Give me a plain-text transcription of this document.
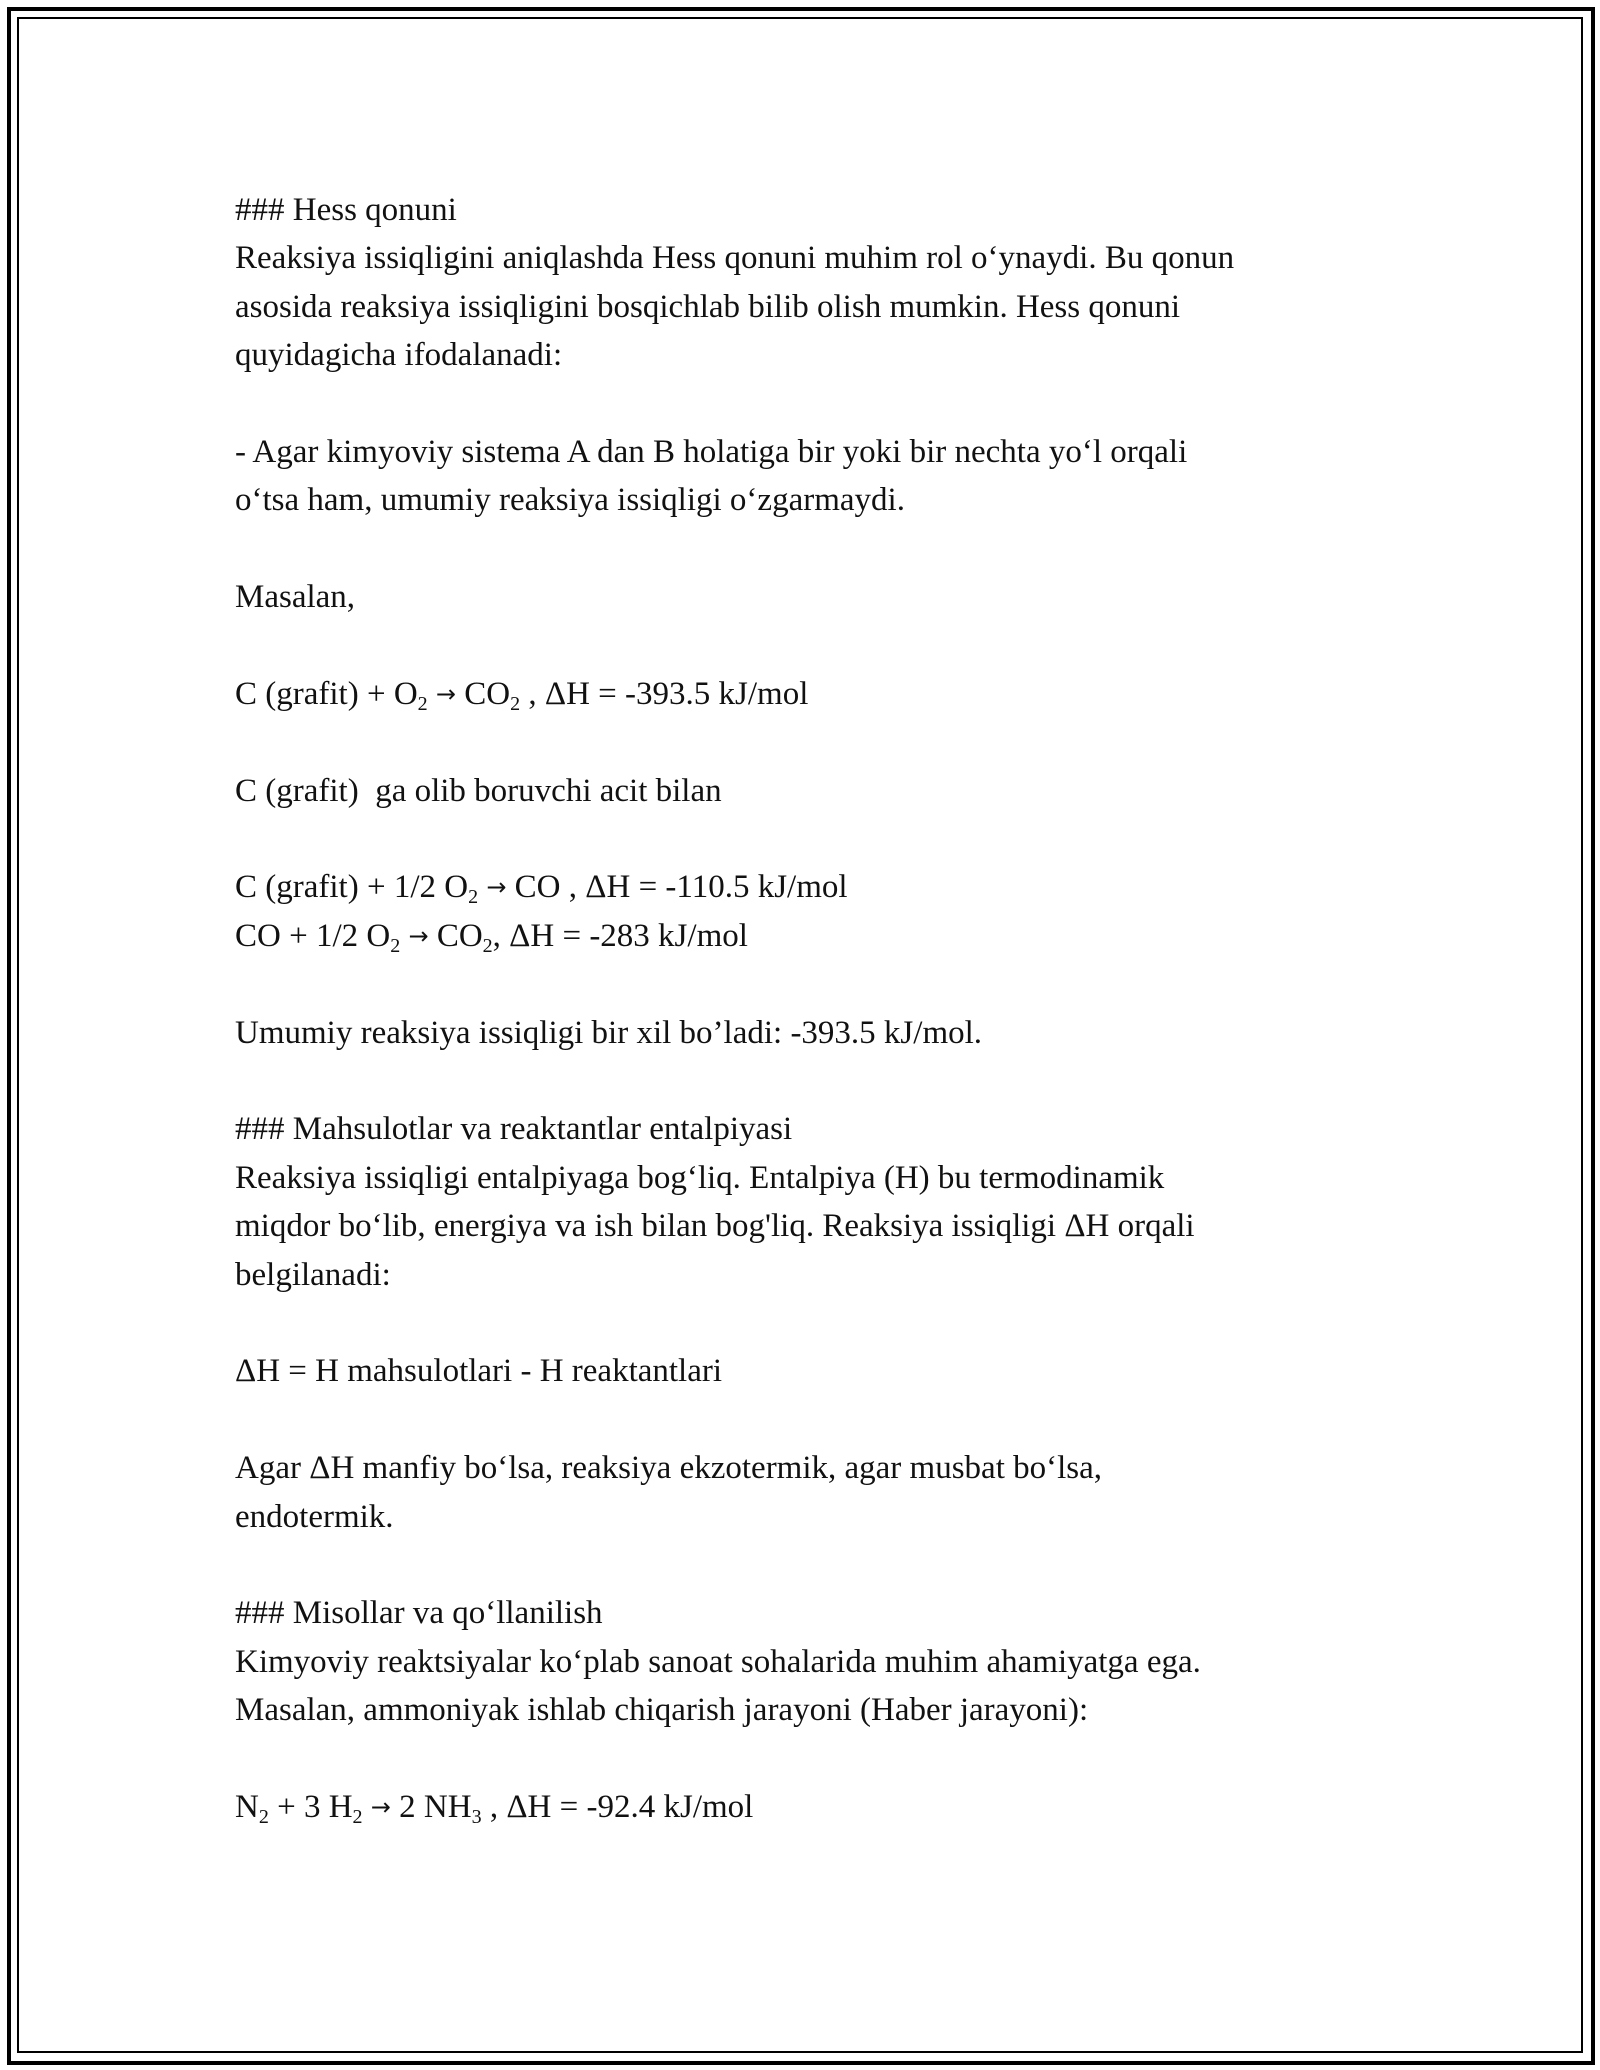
### Hess qonuni
Reaksiya issiqligini aniqlashda Hess qonuni muhim rol o‘ynaydi. Bu qonun
asosida reaksiya issiqligini bosqichlab bilib olish mumkin. Hess qonuni
quyidagicha ifodalanadi:
- Agar kimyoviy sistema A dan B holatiga bir yoki bir nechta yo‘l orqali
o‘tsa ham, umumiy reaksiya issiqligi o‘zgarmaydi.
Masalan,
C (grafit) + $O_2 \to CO_2$ , ΔH = -393.5 kJ/mol
C (grafit)  ga olib boruvchi acit bilan
C (grafit) + 1/2 $O_2$ → CO , ΔH = -110.5 kJ/mol
CO + 1/2 $O_2 \to CO_2$, ΔH = -283 kJ/mol
Umumiy reaksiya issiqligi bir xil bo’ladi: -393.5 kJ/mol.
### Mahsulotlar va reaktantlar entalpiyasi
Reaksiya issiqligi entalpiyaga bog‘liq. Entalpiya (H) bu termodinamik
miqdor bo‘lib, energiya va ish bilan bog'liq. Reaksiya issiqligi ΔH orqali
belgilanadi:
ΔH = H mahsulotlari - H reaktantlari
Agar ΔH manfiy bo‘lsa, reaksiya ekzotermik, agar musbat bo‘lsa,
endotermik.
### Misollar va qo‘llanilish
Kimyoviy reaktsiyalar ko‘plab sanoat sohalarida muhim ahamiyatga ega.
Masalan, ammoniyak ishlab chiqarish jarayoni (Haber jarayoni):
$N_2 + 3$ $H_2 \to 2$ $NH_3$ , ΔH = -92.4 kJ/mol
